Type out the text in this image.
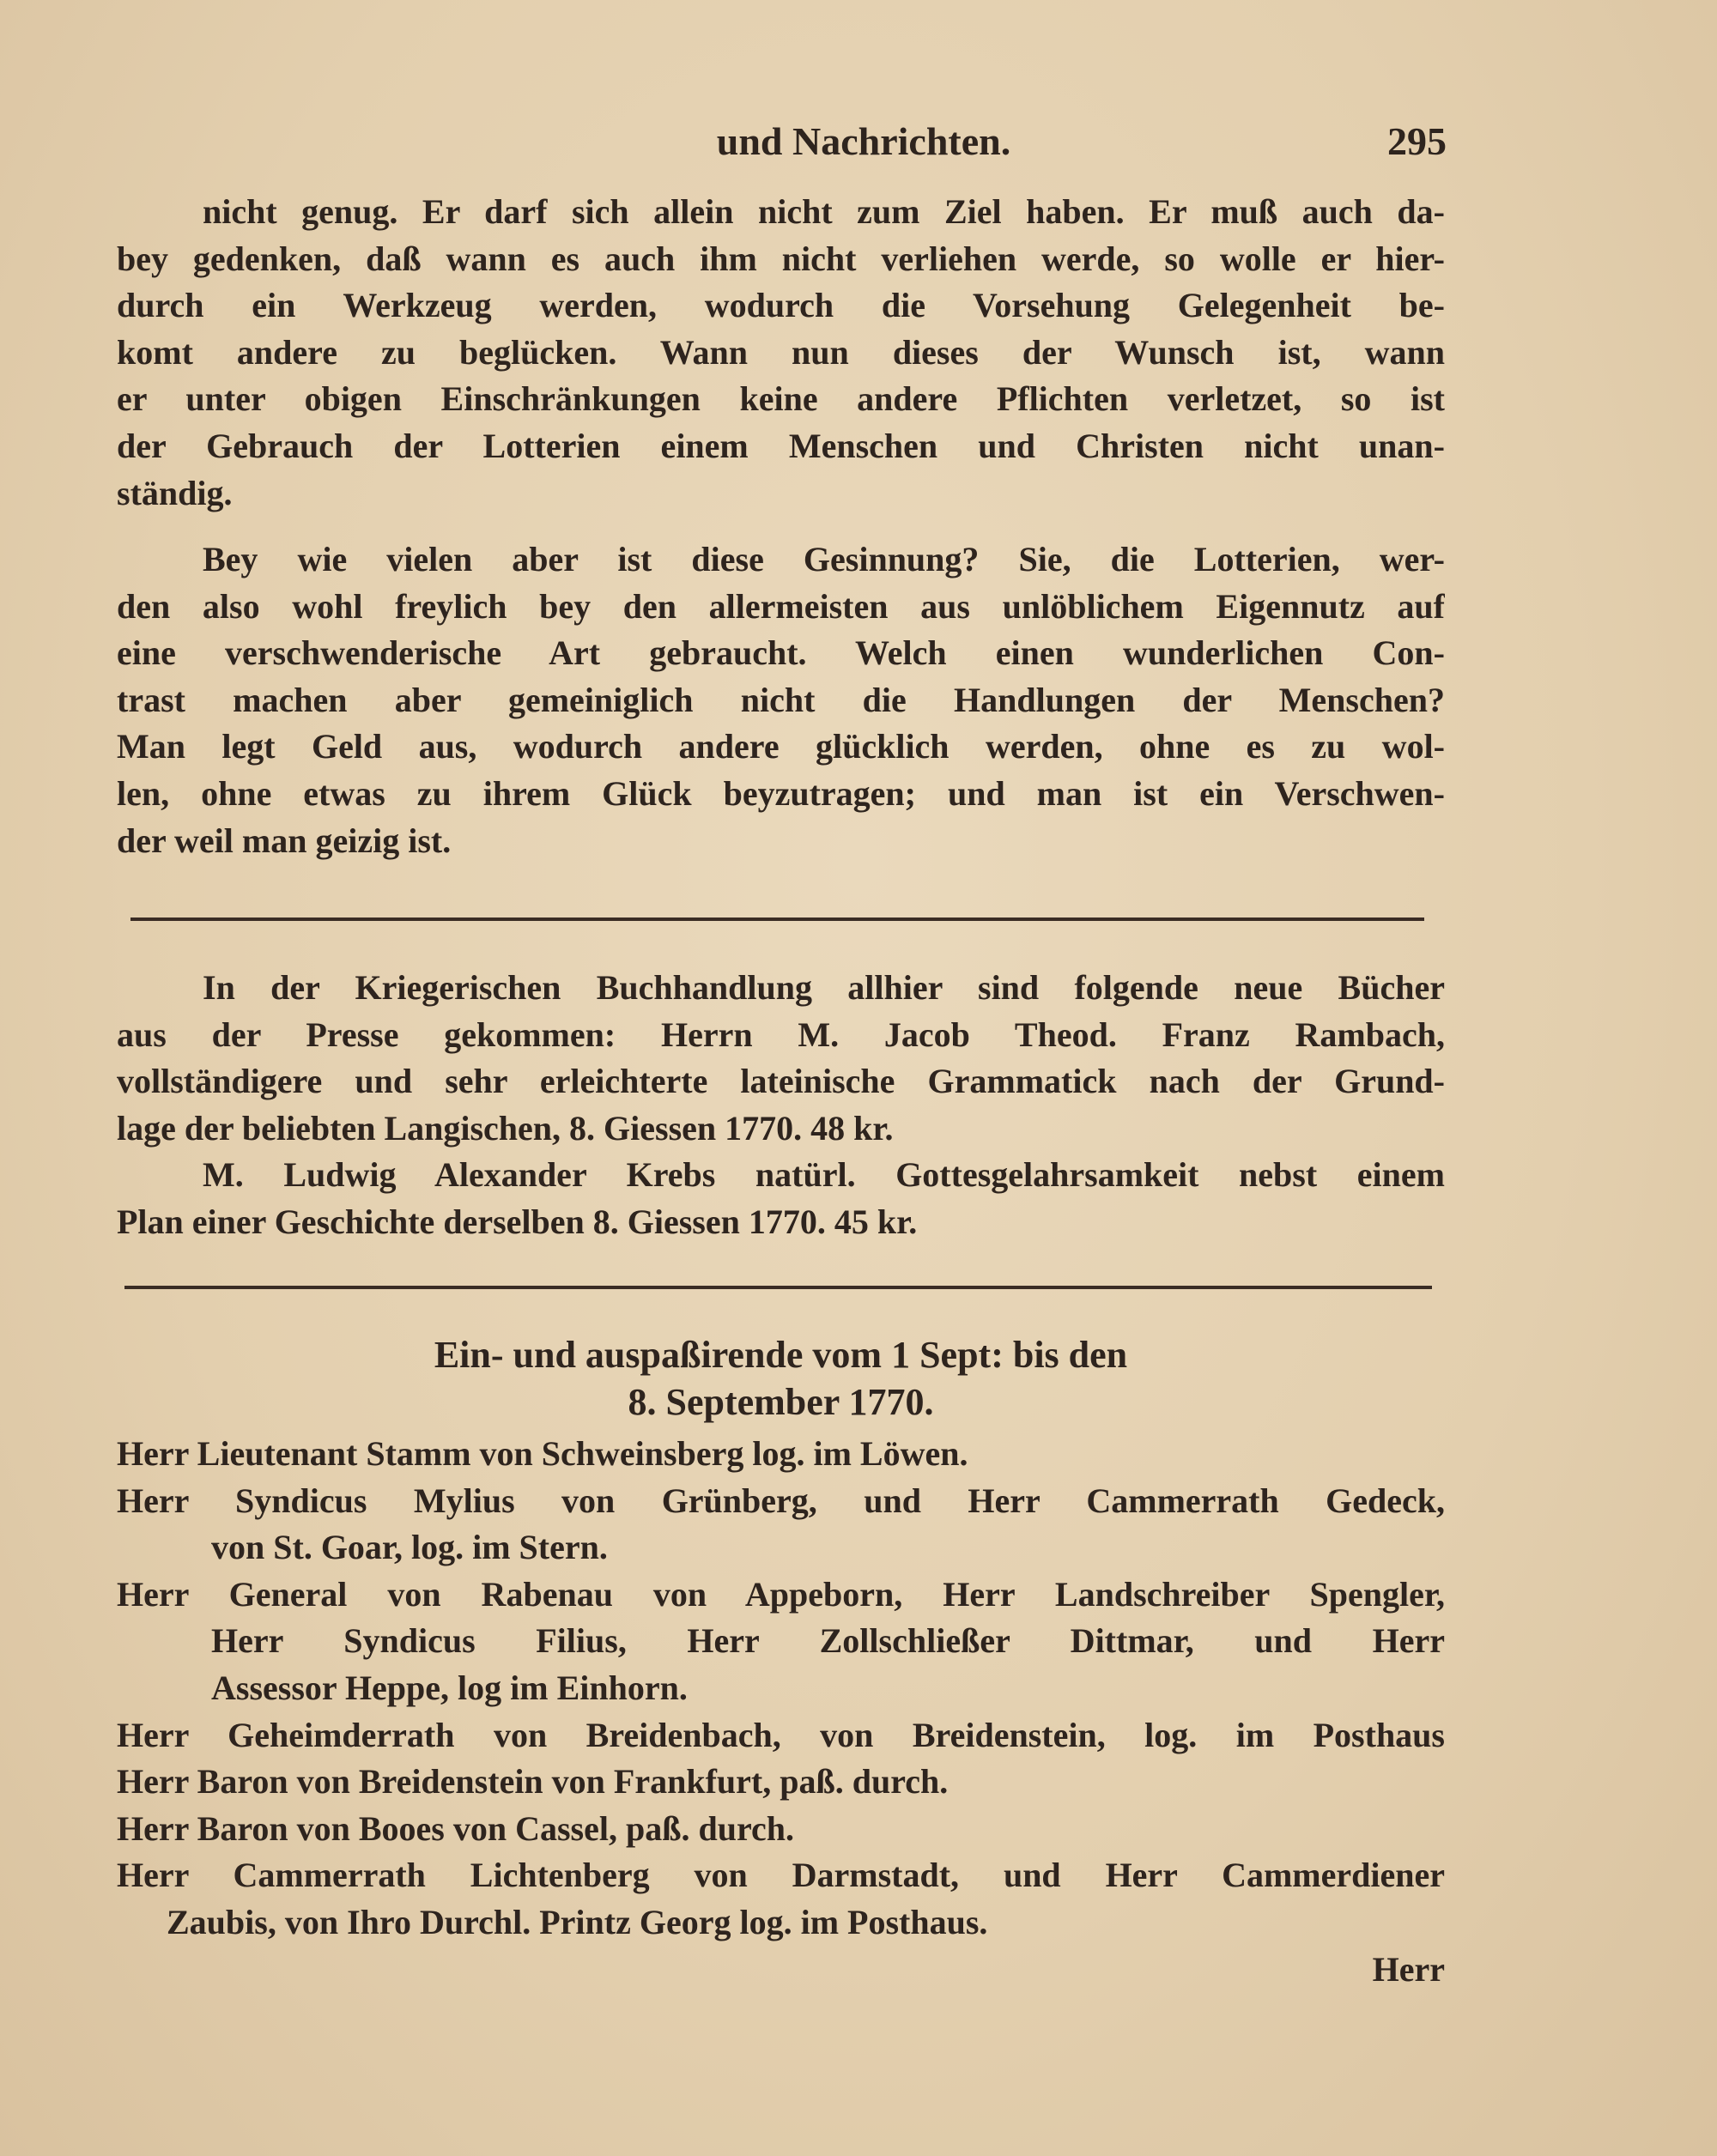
und Nachrichten.	295
nicht genug. Er darf sich allein nicht zum Ziel haben. Er muß auch da-
bey gedenken, daß wann es auch ihm nicht verliehen werde, so wolle er hier-
durch ein Werkzeug werden, wodurch die Vorsehung Gelegenheit be-
komt andere zu beglücken. Wann nun dieses der Wunsch ist, wann
er unter obigen Einschränkungen keine andere Pflichten verletzet, so ist
der Gebrauch der Lotterien einem Menschen und Christen nicht unan-
ständig.
Bey wie vielen aber ist diese Gesinnung? Sie, die Lotterien, wer-
den also wohl freylich bey den allermeisten aus unlöblichem Eigennutz auf
eine verschwenderische Art gebraucht. Welch einen wunderlichen Con-
trast machen aber gemeiniglich nicht die Handlungen der Menschen?
Man legt Geld aus, wodurch andere glücklich werden, ohne es zu wol-
len, ohne etwas zu ihrem Glück beyzutragen; und man ist ein Verschwen-
der weil man geizig ist.
In der Kriegerischen Buchhandlung allhier sind folgende neue Bücher
aus der Presse gekommen: Herrn M. Jacob Theod. Franz Rambach,
vollständigere und sehr erleichterte lateinische Grammatick nach der Grund-
lage der beliebten Langischen, 8. Giessen 1770. 48 kr.
M. Ludwig Alexander Krebs natürl. Gottesgelahrsamkeit nebst einem
Plan einer Geschichte derselben 8. Giessen 1770. 45 kr.
Ein- und auspaßirende vom 1 Sept: bis den
8. September 1770.
Herr Lieutenant Stamm von Schweinsberg log. im Löwen.
Herr Syndicus Mylius von Grünberg, und Herr Cammerrath Gedeck,
von St. Goar, log. im Stern.
Herr General von Rabenau von Appeborn, Herr Landschreiber Spengler,
Herr Syndicus Filius, Herr Zollschließer Dittmar, und Herr
Assessor Heppe, log im Einhorn.
Herr Geheimderrath von Breidenbach, von Breidenstein, log. im Posthaus
Herr Baron von Breidenstein von Frankfurt, paß. durch.
Herr Baron von Booes von Cassel, paß. durch.
Herr Cammerrath Lichtenberg von Darmstadt, und Herr Cammerdiener
Zaubis, von Ihro Durchl. Printz Georg log. im Posthaus.
Herr
